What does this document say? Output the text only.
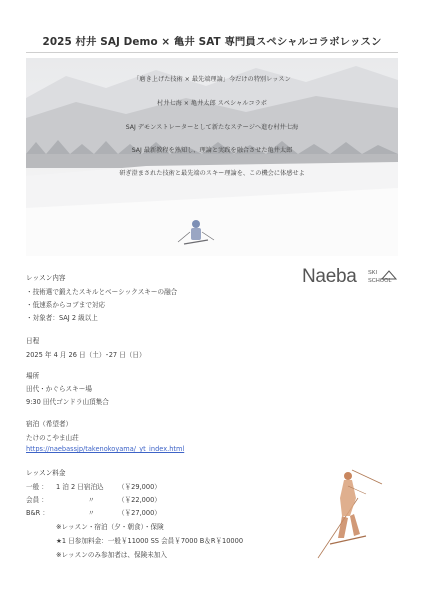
2025 村井 SAJ Demo × 亀井 SAT 専門員スペシャルコラボレッスン
「磨き上げた技術 × 最先端理論」今だけの特別レッスン
村井七海 × 亀井太郎 スペシャルコラボ
SAJ デモンストレーターとして新たなステージへ進む村井七海
SAJ 最新教程を熟知し、理論と実践を融合させた亀井太郎
研ぎ澄まされた技術と最先端のスキー理論を、この機会に体感せよ
Naeba SKI
SCHOOL
レッスン内容
・技術選で鍛えたスキルとベーシックスキーの融合
・低速系からコブまで対応
・対象者：SAJ 2 級以上
日程
2025 年 4 月 26 日（土）･27 日（日）
場所
田代・かぐらスキー場
9:30 田代ゴンドラ山頂集合
宿泊（希望者）
たけのこやま山荘
https://naebassjp/takenokoyama/_yt_index.html
レッスン料金
一般 ： 1 泊 2 日宿泊込 （￥29,000）
会員 ：	〃	（￥22,000）
B&R ：	〃	（￥27,000）
※レッスン・宿泊（夕・朝食）・保険
★1 日参加料金：一般￥11000 SS 会員￥7000 B＆R￥10000
※レッスンのみ参加者は、保険未加入
